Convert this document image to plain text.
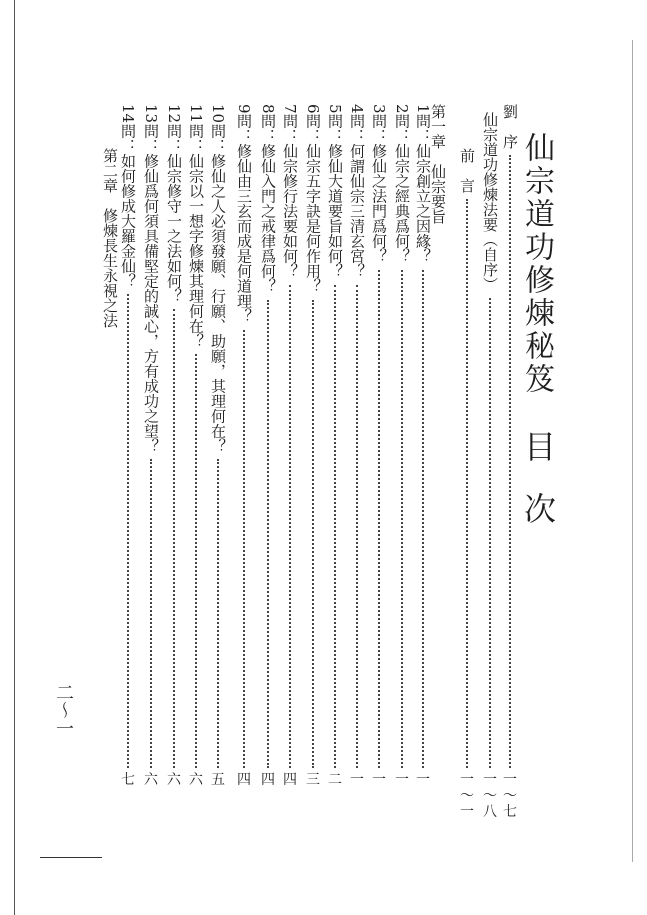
仙宗道功修煉秘笈
目次
劉　序
一～七
仙宗道功修煉法要（自序）
一～八
前　言
一～一
第一章　仙宗要旨
1問：仙宗創立之因緣？
一
2問：仙宗之經典爲何？
一
3問：修仙之法門爲何？
一
4問：何謂仙宗三清玄宮？
一
5問：修仙大道要旨如何？
二
6問：仙宗五字訣是何作用？
三
7問：仙宗修行法要如何？
四
8問：修仙入門之戒律爲何？
四
9問：修仙由三玄而成是何道理？
四
10問：修仙之人必須發願、行願、助願，其理何在？
五
11問：仙宗以一想字修煉其理何在？
六
12問：仙宗修守一之法如何？
六
13問：修仙爲何須具備堅定的誠心，方有成功之望？
六
14問：如何修成大羅金仙？
七
第二章　修煉長生永視之法
二～一
